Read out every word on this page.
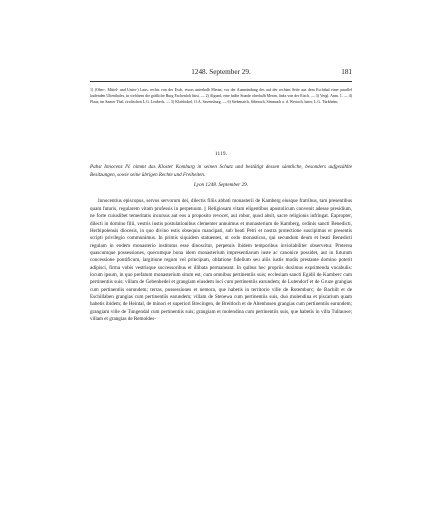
1248. September 29.	181

1) (Ober-, Mittel- und Unter-) Laus, rechts von der Esch, etwas unterhalb Meran, vor der Ausmündung des auf der rechten Seite aus dem Eschthal einer parallel laufenden Ultenthales, in welchem die gräfliche Burg Eschenloh lässt. — 2) Algund, eine halbe Stunde oberhalb Meran, links von der Etsch. — 3) Vergl. Anm. 1. — 4) Flaas, im Sarner Thal, tirolischen L.G. Leubeck. — 5) Klaisbobel, O.A. Savensburg. — 6) Siebenaich, Sibesach, Simmach a. d. Wertach, baier, L.G. Türkheim.

1119.
Pabst Innocenz IV. nimmt das Kloster Komburg in seinen Schutz und bestätigt dessen sämtliche, besonders aufgezählte Besitzungen, sowie seine übrigen Rechte und Freiheiten.
Lyon 1248. September 29.
Innocentius episcopus, servus servorum dei, dilectis filiis abbati monasterii de Kamberg eiusque fratribus, tam presentibus quam futuris, regularem vitam professis in perpetuum. || Religiosam vitam eligentibus apostolicum convenit adesse presidium, ne forte cuiuslibet temeritatis incursus aut eos a proposito revocet, aut robur, quod absit, sacre religionis infringat. Eapropter, dilecti in domino filii, vestris iustis postulationibus clementer annuimus et monasterium de Kamberg, ordinis sancti Benedicti, Herbipolensis diocesis, in quo divino estis obsequio mancipati, sub beati Petri et nostra protectione suscipimus et presentis scripti privilegio communimus. In primis siquidem statuentes, ut ordo monasticus, qui secundum deum et beati Benedicti regulam in eodem monasterio institutus esse dinoscitur, perpetuis ibidem temporibus inviolabiliter observetur. Preterea quascumque possessiones, quecumque bona idem monasterium impresentiarum iuste ac canonice possidet, aut in futurum concessione pontificum, largitione regum vel principum, oblatione fidelium seu aliis iustis modis prestante domino poterit adipisci, firma vobis vestrisque successoribus et illibata permaneant. In quibus hec propriis duximus exprimenda vocabulis: locum ipsum, in quo prefatum monasterium situm est, cum omnibus pertinentiis suis; ecclesiam sancti Egidii de Kamberc cum pertinentiis suis; villam de Gebenhedel et grangiam eiusdem loci cum pertinentiis earundem; de Lutendorf et de Gruze grangias cum pertinentiis earundem; terras, possessiones et nemora, que habetis in territorio ville de Rotemburc; de Bachilt et de Eschillaben grangias cum pertinentiis earundem; villam de Stenewa cum pertinentiis suis, duo molendina et piscarium quam habetis ibidem; de Heintal, de minori et superiori Brecingen, de Breitloch et de Altenhusen grangias cum pertinentiis earundem; grangiam ville de Tungendal cum pertinentiis suis; grangiam et molendina cum pertinentiis suis, que habetis in villa Tullauwe; villam et grangias de Remoldes-
